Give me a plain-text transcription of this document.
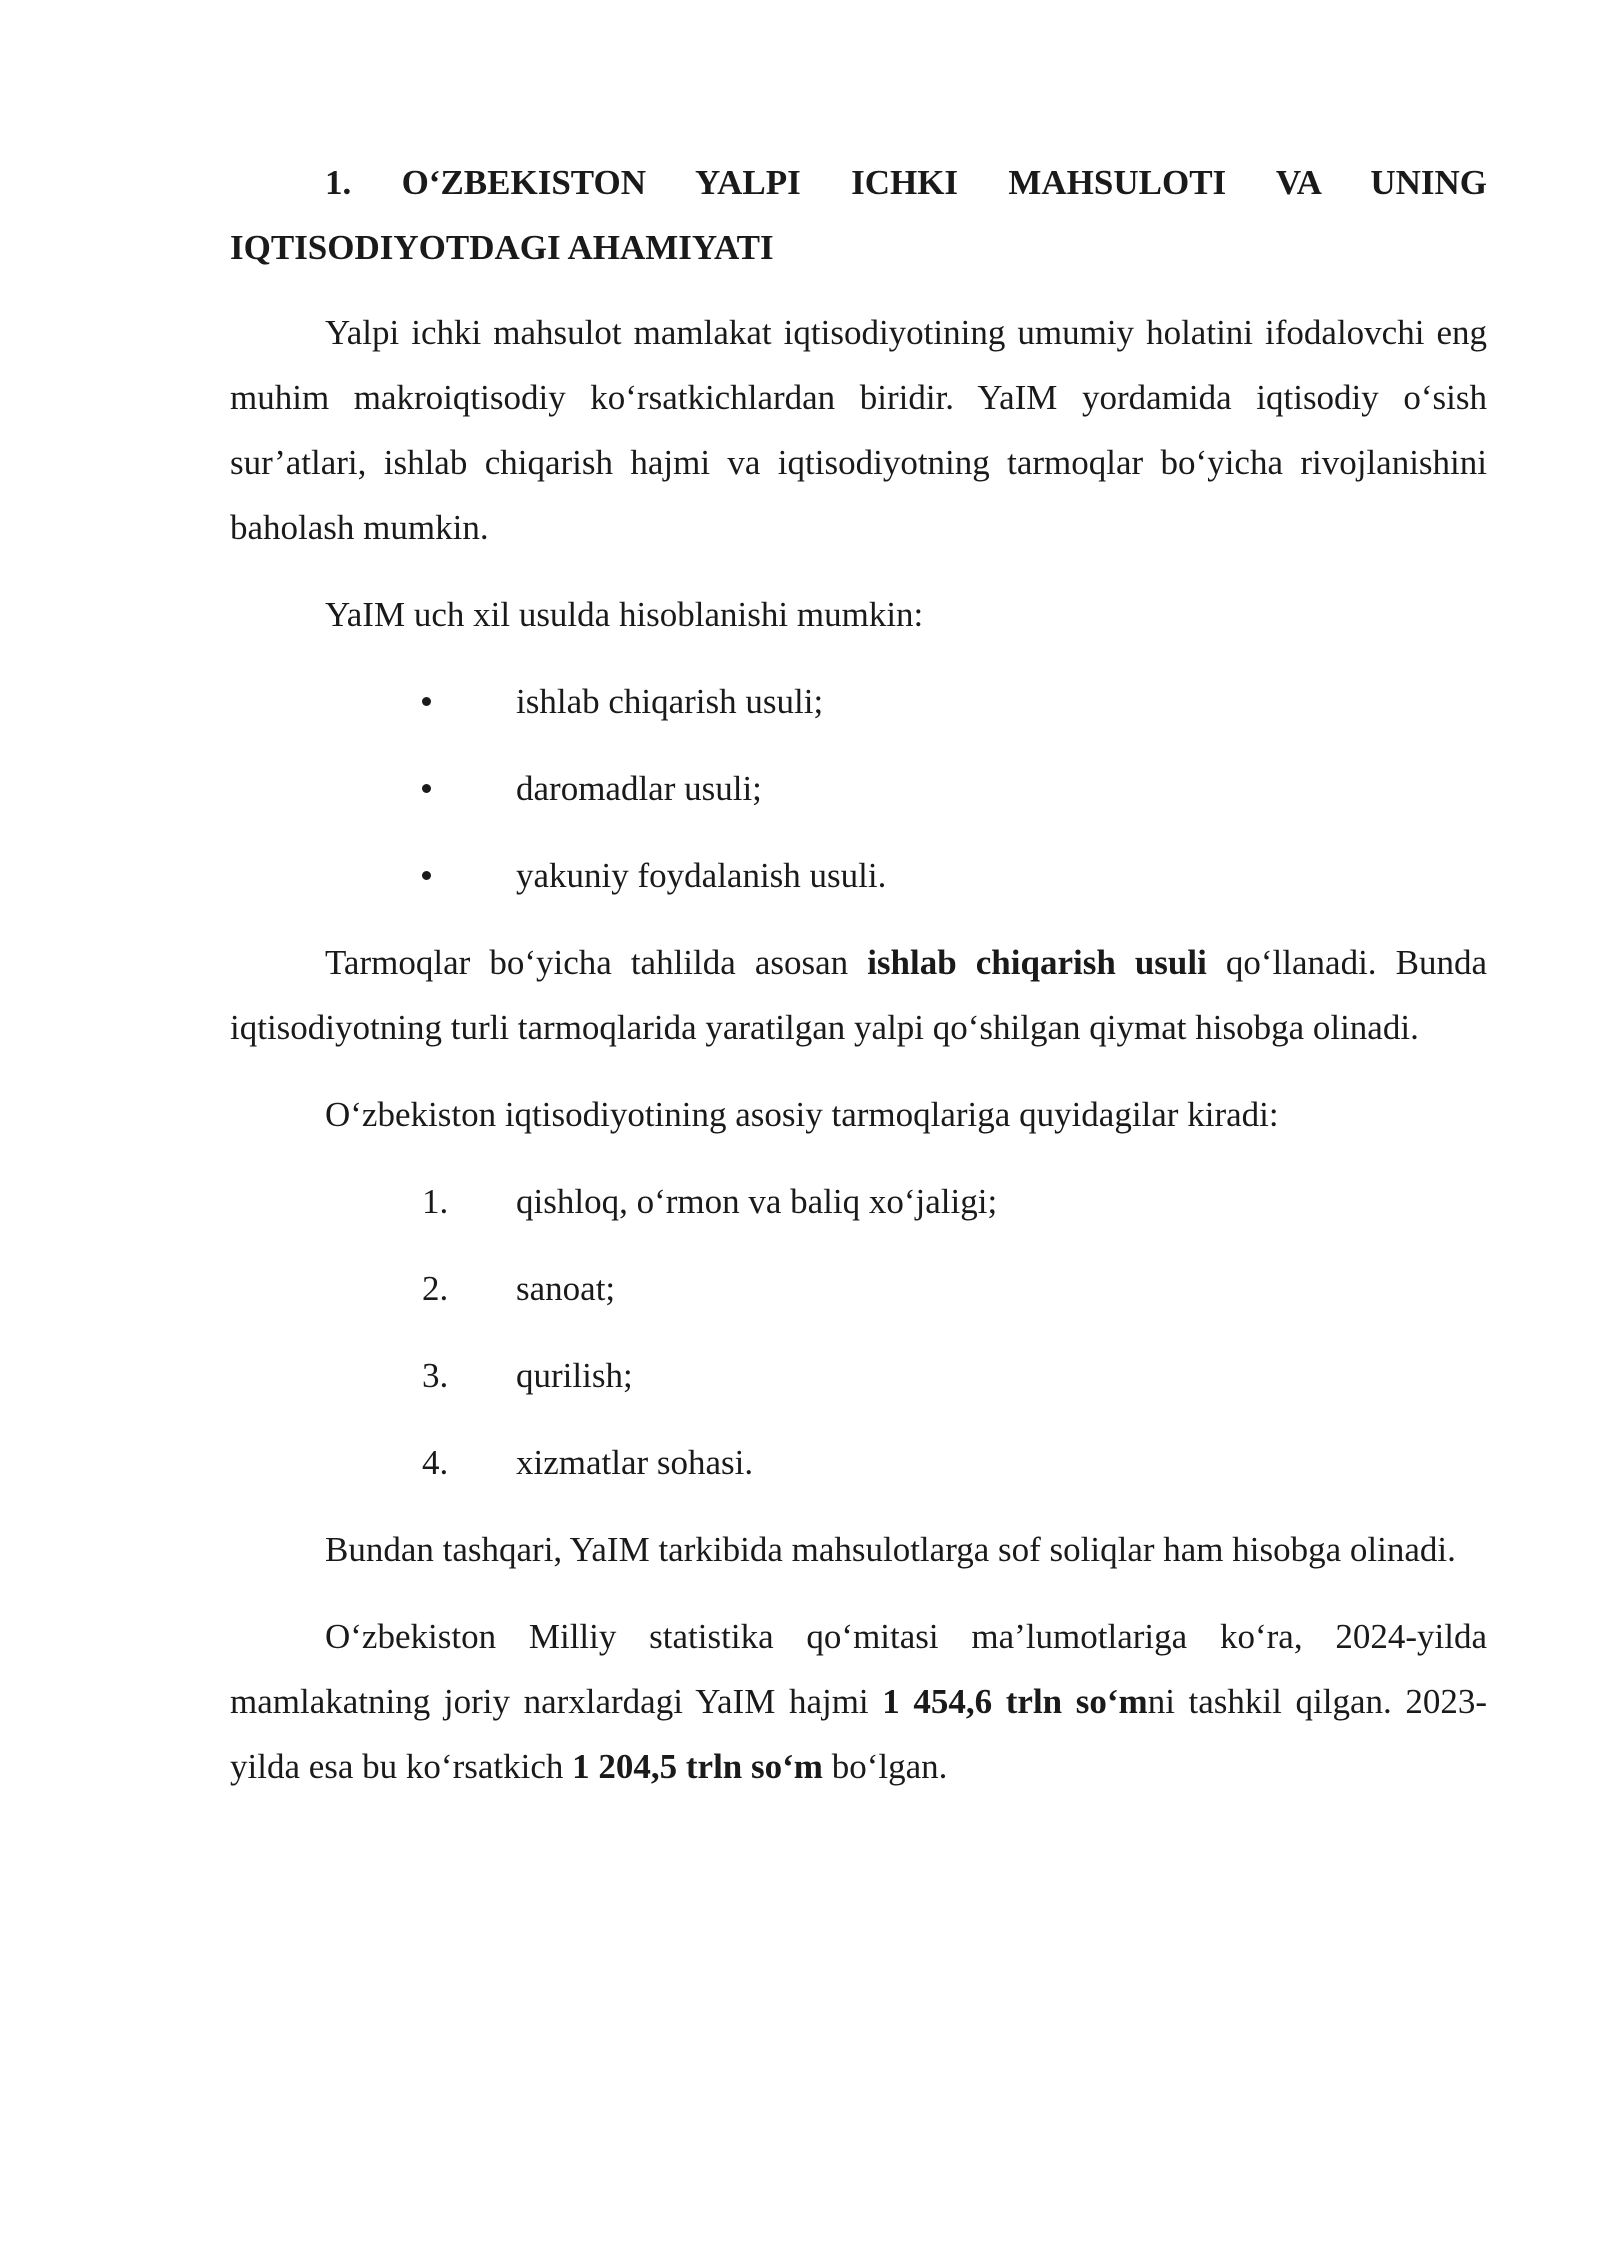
1. O‘ZBEKISTON YALPI ICHKI MAHSULOTI VA UNING IQTISODIYOTDAGI AHAMIYATI

Yalpi ichki mahsulot mamlakat iqtisodiyotining umumiy holatini ifodalovchi eng muhim makroiqtisodiy ko‘rsatkichlardan biridir. YaIM yordamida iqtisodiy o‘sish sur’atlari, ishlab chiqarish hajmi va iqtisodiyotning tarmoqlar bo‘yicha rivojlanishini baholash mumkin.

YaIM uch xil usulda hisoblanishi mumkin:

ishlab chiqarish usuli;
daromadlar usuli;
yakuniy foydalanish usuli.

Tarmoqlar bo‘yicha tahlilda asosan ishlab chiqarish usuli qo‘llanadi. Bunda iqtisodiyotning turli tarmoqlarida yaratilgan yalpi qo‘shilgan qiymat hisobga olinadi.

O‘zbekiston iqtisodiyotining asosiy tarmoqlariga quyidagilar kiradi:

1. qishloq, o‘rmon va baliq xo‘jaligi;
2. sanoat;
3. qurilish;
4. xizmatlar sohasi.

Bundan tashqari, YaIM tarkibida mahsulotlarga sof soliqlar ham hisobga olinadi.

O‘zbekiston Milliy statistika qo‘mitasi ma’lumotlariga ko‘ra, 2024-yilda mamlakatning joriy narxlardagi YaIM hajmi 1 454,6 trln so‘mni tashkil qilgan. 2023-yilda esa bu ko‘rsatkich 1 204,5 trln so‘m bo‘lgan.
